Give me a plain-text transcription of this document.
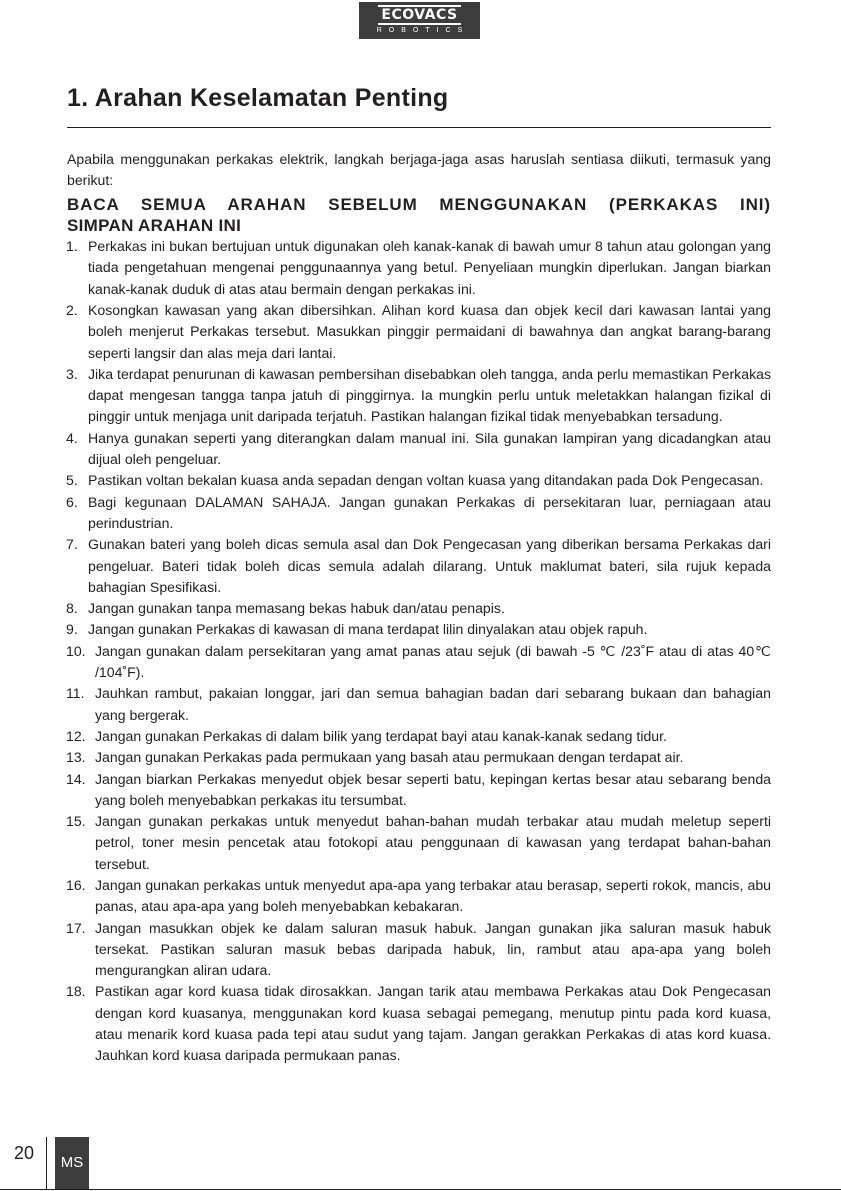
ECOVACS
ROBOTICS
1. Arahan Keselamatan Penting

Apabila menggunakan perkakas elektrik, langkah berjaga-jaga asas haruslah sentiasa diikuti, termasuk yang berikut:

BACA SEMUA ARAHAN SEBELUM MENGGUNAKAN (PERKAKAS INI)
SIMPAN ARAHAN INI
1. Perkakas ini bukan bertujuan untuk digunakan oleh kanak-kanak di bawah umur 8 tahun atau golongan yang tiada pengetahuan mengenai penggunaannya yang betul. Penyeliaan mungkin diperlukan. Jangan biarkan kanak-kanak duduk di atas atau bermain dengan perkakas ini.
2. Kosongkan kawasan yang akan dibersihkan. Alihan kord kuasa dan objek kecil dari kawasan lantai yang boleh menjerut Perkakas tersebut. Masukkan pinggir permaidani di bawahnya dan angkat barang-barang seperti langsir dan alas meja dari lantai.
3. Jika terdapat penurunan di kawasan pembersihan disebabkan oleh tangga, anda perlu memastikan Perkakas dapat mengesan tangga tanpa jatuh di pinggirnya. Ia mungkin perlu untuk meletakkan halangan fizikal di pinggir untuk menjaga unit daripada terjatuh. Pastikan halangan fizikal tidak menyebabkan tersadung.
4. Hanya gunakan seperti yang diterangkan dalam manual ini. Sila gunakan lampiran yang dicadangkan atau dijual oleh pengeluar.
5. Pastikan voltan bekalan kuasa anda sepadan dengan voltan kuasa yang ditandakan pada Dok Pengecasan.
6. Bagi kegunaan DALAMAN SAHAJA. Jangan gunakan Perkakas di persekitaran luar, perniagaan atau perindustrian.
7. Gunakan bateri yang boleh dicas semula asal dan Dok Pengecasan yang diberikan bersama Perkakas dari pengeluar. Bateri tidak boleh dicas semula adalah dilarang. Untuk maklumat bateri, sila rujuk kepada bahagian Spesifikasi.
8. Jangan gunakan tanpa memasang bekas habuk dan/atau penapis.
9. Jangan gunakan Perkakas di kawasan di mana terdapat lilin dinyalakan atau objek rapuh.
10. Jangan gunakan dalam persekitaran yang amat panas atau sejuk (di bawah -5 ℃ /23˚F atau di atas 40℃ /104˚F).
11. Jauhkan rambut, pakaian longgar, jari dan semua bahagian badan dari sebarang bukaan dan bahagian yang bergerak.
12. Jangan gunakan Perkakas di dalam bilik yang terdapat bayi atau kanak-kanak sedang tidur.
13. Jangan gunakan Perkakas pada permukaan yang basah atau permukaan dengan terdapat air.
14. Jangan biarkan Perkakas menyedut objek besar seperti batu, kepingan kertas besar atau sebarang benda yang boleh menyebabkan perkakas itu tersumbat.
15. Jangan gunakan perkakas untuk menyedut bahan-bahan mudah terbakar atau mudah meletup seperti petrol, toner mesin pencetak atau fotokopi atau penggunaan di kawasan yang terdapat bahan-bahan tersebut.
16. Jangan gunakan perkakas untuk menyedut apa-apa yang terbakar atau berasap, seperti rokok, mancis, abu panas, atau apa-apa yang boleh menyebabkan kebakaran.
17. Jangan masukkan objek ke dalam saluran masuk habuk. Jangan gunakan jika saluran masuk habuk tersekat. Pastikan saluran masuk bebas daripada habuk, lin, rambut atau apa-apa yang boleh mengurangkan aliran udara.
18. Pastikan agar kord kuasa tidak dirosakkan. Jangan tarik atau membawa Perkakas atau Dok Pengecasan dengan kord kuasanya, menggunakan kord kuasa sebagai pemegang, menutup pintu pada kord kuasa, atau menarik kord kuasa pada tepi atau sudut yang tajam. Jangan gerakkan Perkakas di atas kord kuasa. Jauhkan kord kuasa daripada permukaan panas.
20	MS
